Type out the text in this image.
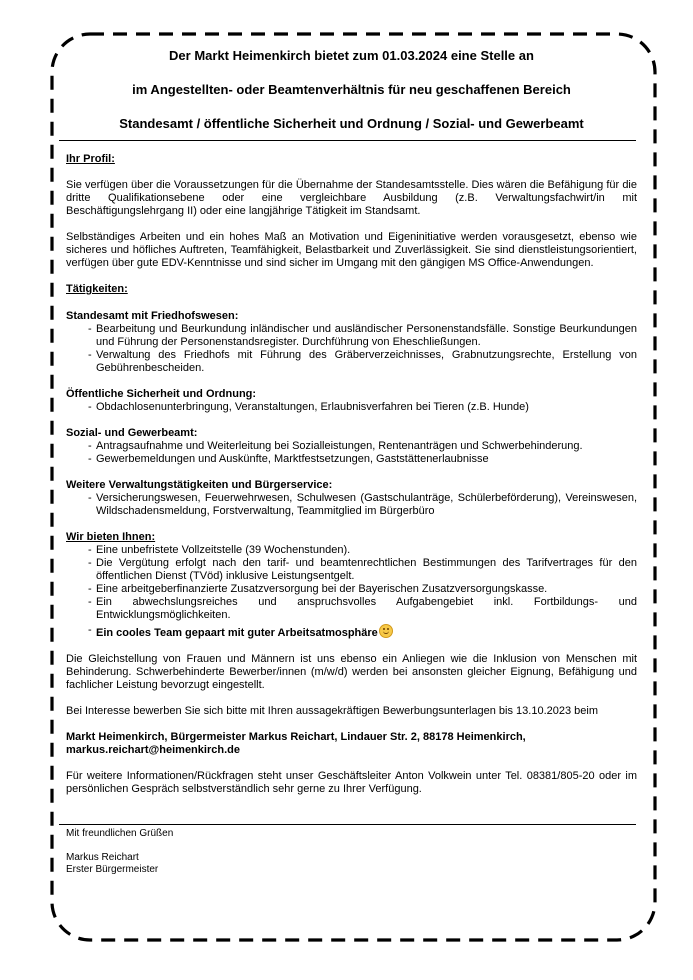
Der Markt Heimenkirch bietet zum 01.03.2024 eine Stelle an
im Angestellten- oder Beamtenverhältnis für neu geschaffenen Bereich
Standesamt / öffentliche Sicherheit und Ordnung / Sozial- und Gewerbeamt
Ihr Profil:

Sie verfügen über die Voraussetzungen für die Übernahme der Standesamtsstelle. Dies wären die Befähigung für die dritte Qualifikationsebene oder eine vergleichbare Ausbildung (z.B. Verwaltungsfachwirt/in mit Beschäftigungslehrgang II) oder eine langjährige Tätigkeit im Standsamt.

Selbständiges Arbeiten und ein hohes Maß an Motivation und Eigeninitiative werden vorausgesetzt, ebenso wie sicheres und höfliches Auftreten, Teamfähigkeit, Belastbarkeit und Zuverlässigkeit. Sie sind dienstleistungsorientiert, verfügen über gute EDV-Kenntnisse und sind sicher im Umgang mit den gängigen MS Office-Anwendungen.

Tätigkeiten:
Standesamt mit Friedhofswesen:
- Bearbeitung und Beurkundung inländischer und ausländischer Personenstandsfälle. Sonstige Beurkundungen und Führung der Personenstandsregister. Durchführung von Eheschließungen.
- Verwaltung des Friedhofs mit Führung des Gräberverzeichnisses, Grabnutzungsrechte, Erstellung von Gebührenbescheiden.
Öffentliche Sicherheit und Ordnung:
- Obdachlosenunterbringung, Veranstaltungen, Erlaubnisverfahren bei Tieren (z.B. Hunde)
Sozial- und Gewerbeamt:
- Antragsaufnahme und Weiterleitung bei Sozialleistungen, Rentenanträgen und Schwerbehinderung.
- Gewerbemeldungen und Auskünfte, Marktfestsetzungen, Gaststättenerlaubnisse
Weitere Verwaltungstätigkeiten und Bürgerservice:
- Versicherungswesen, Feuerwehrwesen, Schulwesen (Gastschulanträge, Schülerbeförderung), Vereinswesen, Wildschadensmeldung, Forstverwaltung, Teammitglied im Bürgerbüro
Wir bieten Ihnen:
- Eine unbefristete Vollzeitstelle (39 Wochenstunden).
- Die Vergütung erfolgt nach den tarif- und beamtenrechtlichen Bestimmungen des Tarifvertrages für den öffentlichen Dienst (TVöd) inklusive Leistungsentgelt.
- Eine arbeitgeberfinanzierte Zusatzversorgung bei der Bayerischen Zusatzversorgungskasse.
- Ein abwechslungsreiches und anspruchsvolles Aufgabengebiet inkl. Fortbildungs- und Entwicklungsmöglichkeiten.
- Ein cooles Team gepaart mit guter Arbeitsatmosphäre

Die Gleichstellung von Frauen und Männern ist uns ebenso ein Anliegen wie die Inklusion von Menschen mit Behinderung. Schwerbehinderte Bewerber/innen (m/w/d) werden bei ansonsten gleicher Eignung, Befähigung und fachlicher Leistung bevorzugt eingestellt.

Bei Interesse bewerben Sie sich bitte mit Ihren aussagekräftigen Bewerbungsunterlagen bis 13.10.2023 beim

Markt Heimenkirch, Bürgermeister Markus Reichart, Lindauer Str. 2, 88178 Heimenkirch,

markus.reichart@heimenkirch.de

Für weitere Informationen/Rückfragen steht unser Geschäftsleiter Anton Volkwein unter Tel. 08381/805-20 oder im persönlichen Gespräch selbstverständlich sehr gerne zu Ihrer Verfügung.

Mit freundlichen Grüßen
Markus Reichart
Erster Bürgermeister
